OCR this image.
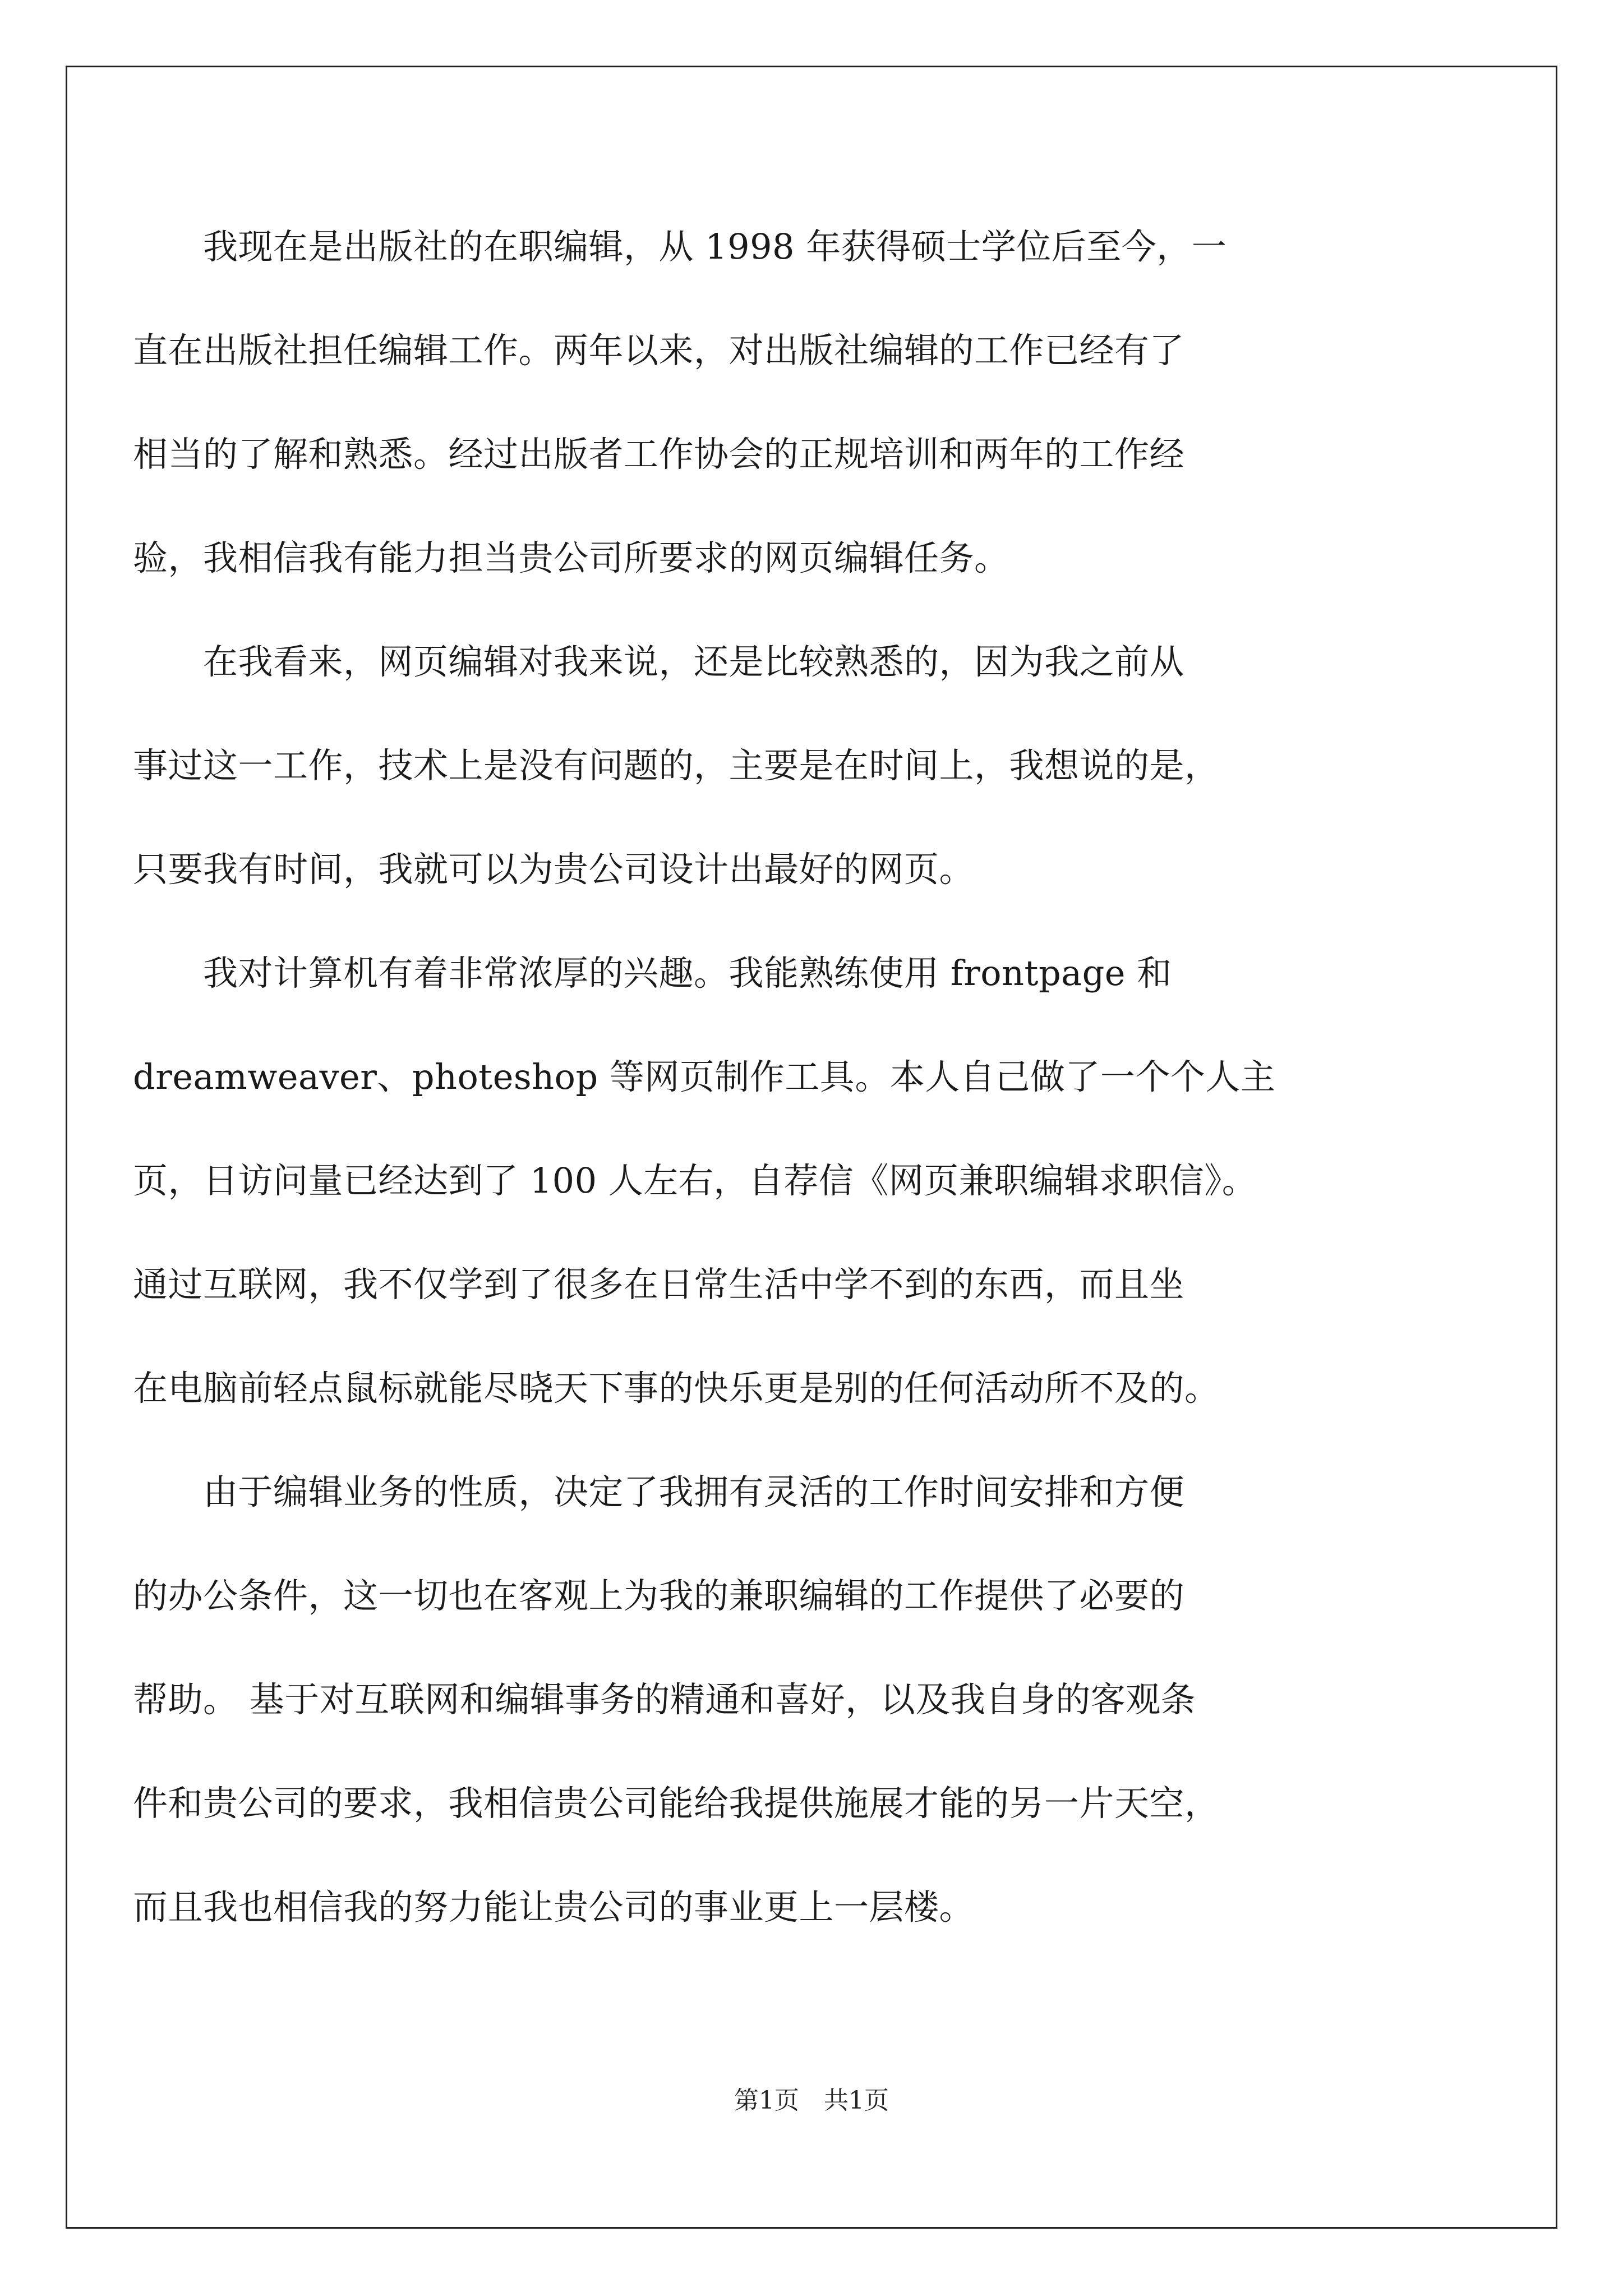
　　我现在是出版社的在职编辑，从 1998 年获得硕士学位后至今，一
直在出版社担任编辑工作。两年以来，对出版社编辑的工作已经有了
相当的了解和熟悉。经过出版者工作协会的正规培训和两年的工作经
验，我相信我有能力担当贵公司所要求的网页编辑任务。
　　在我看来，网页编辑对我来说，还是比较熟悉的，因为我之前从
事过这一工作，技术上是没有问题的，主要是在时间上，我想说的是，
只要我有时间，我就可以为贵公司设计出最好的网页。
　　我对计算机有着非常浓厚的兴趣。我能熟练使用 frontpage 和
dreamweaver、photeshop 等网页制作工具。本人自己做了一个个人主
页，日访问量已经达到了 100 人左右，自荐信《网页兼职编辑求职信》。
通过互联网，我不仅学到了很多在日常生活中学不到的东西，而且坐
在电脑前轻点鼠标就能尽晓天下事的快乐更是别的任何活动所不及的。
　　由于编辑业务的性质，决定了我拥有灵活的工作时间安排和方便
的办公条件，这一切也在客观上为我的兼职编辑的工作提供了必要的
帮助。 基于对互联网和编辑事务的精通和喜好，以及我自身的客观条
件和贵公司的要求，我相信贵公司能给我提供施展才能的另一片天空，
而且我也相信我的努力能让贵公司的事业更上一层楼。
第1页　共1页
